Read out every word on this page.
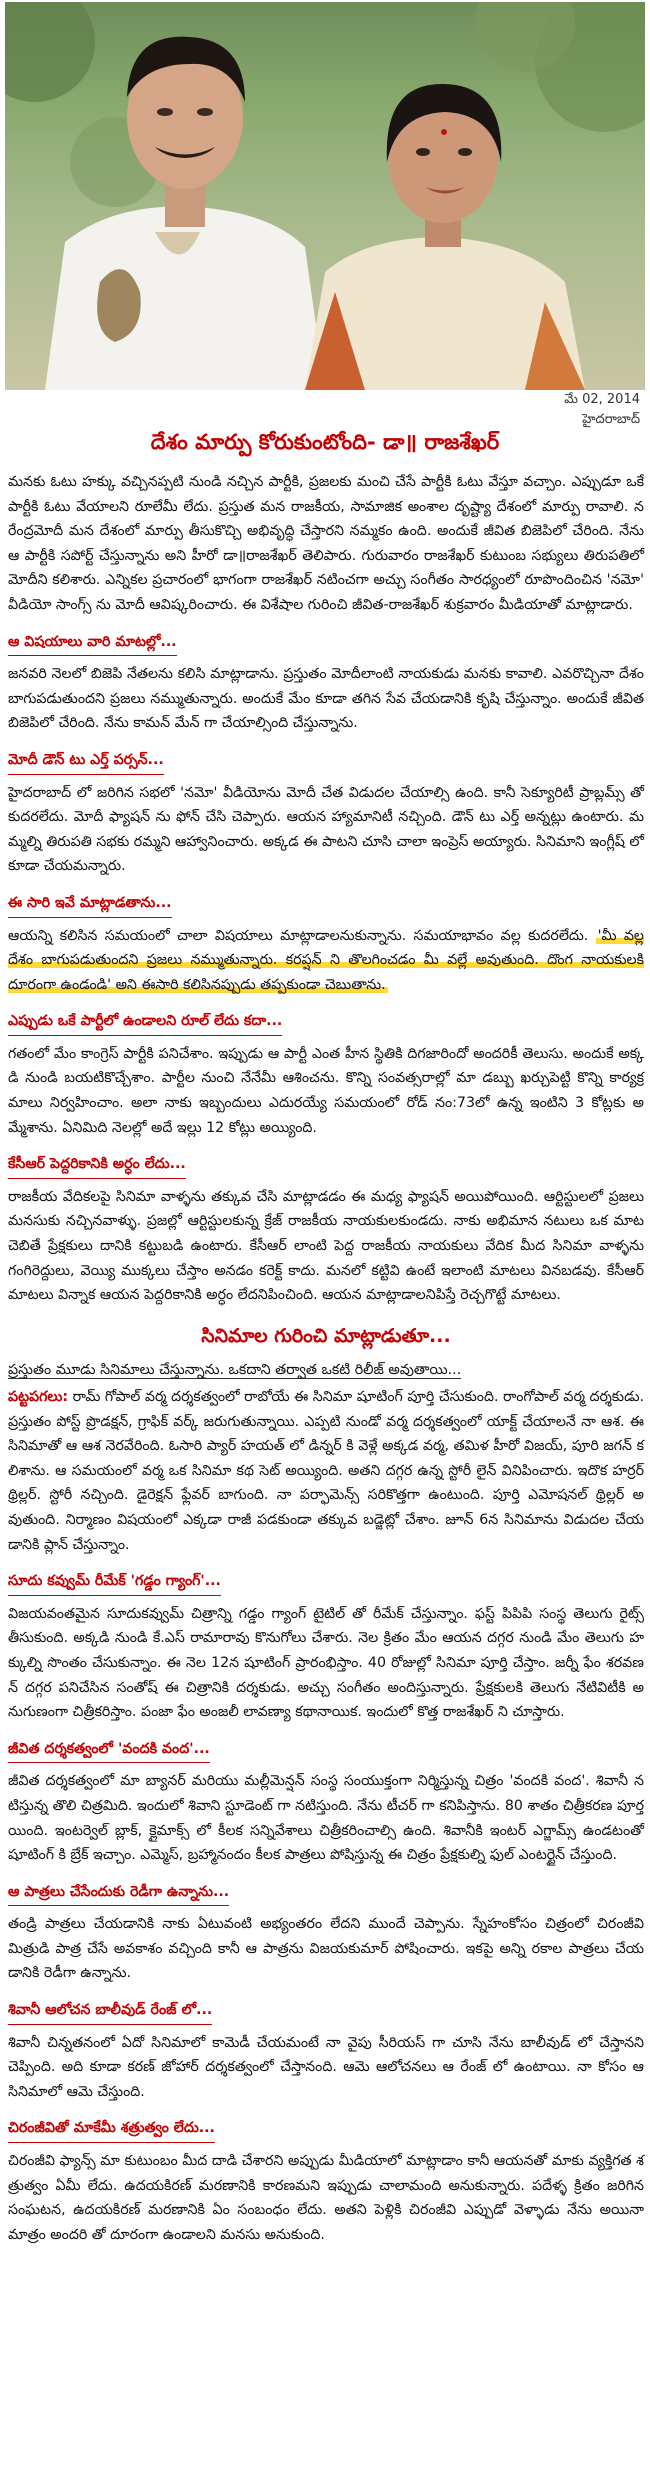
మే 02, 2014
హైదరాబాద్
దేశం మార్పు కోరుకుంటోంది- డా॥ రాజశేఖర్

మనకు ఓటు హక్కు వచ్చినప్పటి నుండి నచ్చిన పార్టీకి, ప్రజలకు మంచి చేసే పార్టీకి ఓటు వేస్తూ వచ్చాం. ఎప్పుడూ ఒకే పార్టీకి ఓటు వేయాలని రూలేమీ లేదు. ప్రస్తుత మన రాజకీయ, సామాజిక అంశాల దృష్ట్యా దేశంలో మార్పు రావాలి. నరేంద్రమోదీ మన దేశంలో మార్పు తీసుకొచ్చి అభివృద్ధి చేస్తారని నమ్మకం ఉంది. అందుకే జీవిత బిజెపిలో చేరింది. నేను ఆ పార్టీకి సపోర్ట్ చేస్తున్నాను అని హీరో డా॥రాజశేఖర్ తెలిపారు. గురువారం రాజశేఖర్ కుటుంబ సభ్యులు తిరుపతిలో మోదీని కలిశారు. ఎన్నికల ప్రచారంలో భాగంగా రాజశేఖర్ నటించగా అచ్చు సంగీతం సారధ్యంలో రూపొందించిన 'నమో' వీడియో సాంగ్స్ ను మోదీ ఆవిష్కరించారు. ఈ విశేషాల గురించి జీవిత-రాజశేఖర్ శుక్రవారం మీడియాతో మాట్లాడారు.

ఆ విషయాలు వారి మాటల్లో...

జనవరి నెలలో బిజెపి నేతలను కలిసి మాట్లాడాను. ప్రస్తుతం మోదీలాంటి నాయకుడు మనకు కావాలి. ఎవరొచ్చినా దేశం బాగుపడుతుందని ప్రజలు నమ్ముతున్నారు. అందుకే మేం కూడా తగిన సేవ చేయడానికి కృషి చేస్తున్నాం. అందుకే జీవిత బిజెపిలో చేరింది. నేను కామన్ మేన్ గా చేయాల్సింది చేస్తున్నాను.

మోదీ డౌన్ టు ఎర్త్ పర్సన్...

హైదరాబాద్ లో జరిగిన సభలో 'నమో' వీడియోను మోదీ చేత విడుదల చేయాల్సి ఉంది. కానీ సెక్యూరిటీ ప్రాబ్లమ్స్ తో కుదరలేదు. మోదీ ఫ్యాషన్ ను ఫోన్ చేసి చెప్పారు. ఆయన హ్యామానిటీ నచ్చింది. డౌన్ టు ఎర్త్ అన్నట్లు ఉంటారు. మమ్మల్ని తిరుపతి సభకు రమ్మని ఆహ్వానించారు. అక్కడ ఈ పాటని చూసి చాలా ఇంప్రెస్ అయ్యారు. సినిమాని ఇంగ్లీష్ లో కూడా చేయమన్నారు.

ఈ సారి ఇవే మాట్లాడతాను...

ఆయన్ని కలిసిన సమయంలో చాలా విషయాలు మాట్లాడాలనుకున్నాను. సమయాభావం వల్ల కుదరలేదు. 'మీ వల్ల దేశం బాగుపడుతుందని ప్రజలు నమ్ముతున్నారు. కరప్షన్ ని తొలగించడం మీ వల్లే అవుతుంది. దొంగ నాయకులకి దూరంగా ఉండండి' అని ఈసారి కలిసినప్పుడు తప్పకుండా చెబుతాను.

ఎప్పుడు ఒకే పార్టీలో ఉండాలని రూల్ లేదు కదా...

గతంలో మేం కాంగ్రెస్ పార్టీకి పనిచేశాం. ఇప్పుడు ఆ పార్టీ ఎంత హీన స్థితికి దిగజారిందో అందరికీ తెలుసు. అందుకే అక్కడి నుండి బయటికొచ్చేశాం. పార్టీల నుంచి నేనేమీ ఆశించను. కొన్ని సంవత్సరాల్లో మా డబ్బు ఖర్చుపెట్టి కొన్ని కార్యక్రమాలు నిర్వహించాం. అలా నాకు ఇబ్బందులు ఎదురయ్యే సమయంలో రోడ్ నం:73లో ఉన్న ఇంటిని 3 కోట్లకు అమ్మేశాను. ఏనిమిది నెలల్లో అదే ఇల్లు 12 కోట్లు అయ్యింది.

కేసీఆర్ పెద్దరికానికి అర్ధం లేదు...

రాజకీయ వేదికలపై సినిమా వాళ్ళను తక్కువ చేసి మాట్లాడడం ఈ మధ్య ఫ్యాషన్ అయిపోయింది. ఆర్టిస్టులలో ప్రజలు మనసుకు నచ్చినవాళ్ళు. ప్రజల్లో ఆర్టిస్టులకున్న క్రేజ్ రాజకీయ నాయకులకుండదు. నాకు అభిమాన నటులు ఒక మాట చెబితే ప్రేక్షకులు దానికి కట్టుబడి ఉంటారు. కేసీఆర్ లాంటి పెద్ద రాజకీయ నాయకులు వేదిక మీద సినిమా వాళ్ళను గంగిరెద్దులు, వెయ్యి ముక్కలు చేస్తాం అనడం కరెక్ట్ కాదు. మనలో కట్టివి ఉంటే ఇలాంటి మాటలు వినబడవు. కేసీఆర్ మాటలు విన్నాక ఆయన పెద్దరికానికి అర్ధం లేదనిపించింది. ఆయన మాట్లాడాలనిపిస్తే రెచ్చగొట్టే మాటలు.

సినిమాల గురించి మాట్లాడుతూ...

ప్రస్తుతం మూడు సినిమాలు చేస్తున్నాను. ఒకదాని తర్వాత ఒకటి రిలీజ్ అవుతాయి...

పట్టపగలు: రామ్ గోపాల్ వర్మ దర్శకత్వంలో రాబోయే ఈ సినిమా షూటింగ్ పూర్తి చేసుకుంది. రాంగోపాల్ వర్మ దర్శకుడు. ప్రస్తుతం పోస్ట్ ప్రొడక్షన్, గ్రాఫిక్ వర్క్ జరుగుతున్నాయి. ఎప్పటి నుండో వర్మ దర్శకత్వంలో యాక్ట్ చేయాలనే నా ఆశ. ఈ సినిమాతో ఆ ఆశ నెరవేరింది. ఓసారి ప్యార్ హయత్ లో డిన్నర్ కి వెళ్లే అక్కడ వర్మ, తమిళ హీరో విజయ్, పూరి జగన్ కలిశాను. ఆ సమయంలో వర్మ ఒక సినిమా కథ సెట్ అయ్యింది. అతని దగ్గర ఉన్న స్టోరీ లైన్ వినిపించారు. ఇదొక హర్రర్ థ్రిల్లర్. స్టోరీ నచ్చింది. డైరెక్షన్ ఫ్లేవర్ బాగుంది. నా పర్ఫామెన్స్ సరికొత్తగా ఉంటుంది. పూర్తి ఎమోషనల్ థ్రిల్లర్ అవుతుంది. నిర్మాణం విషయంలో ఎక్కడా రాజీ పడకుండా తక్కువ బడ్జెట్లో చేశాం. జూన్ 6న సినిమాను విడుదల చేయడానికి ప్లాన్ చేస్తున్నాం.

సూదు కవ్వుమ్ రీమేక్ 'గడ్డం గ్యాంగ్'...

విజయవంతమైన సూదుకవ్వుమ్ చిత్రాన్ని గడ్డం గ్యాంగ్ టైటిల్ తో రీమేక్ చేస్తున్నాం. ఫస్ట్ పిపిపి సంస్థ తెలుగు రైట్స్ తీసుకుంది. అక్కడి నుండి కే.ఎస్ రామారావు కొనుగోలు చేశారు. నెల క్రితం మేం ఆయన దగ్గర నుండి మేం తెలుగు హక్కుల్ని సొంతం చేసుకున్నాం. ఈ నెల 12న షూటింగ్ ప్రారంభిస్తాం. 40 రోజుల్లో సినిమా పూర్తి చేస్తాం. జర్నీ ఫేం శరవణన్ దగ్గర పనిచేసిన సంతోష్ ఈ చిత్రానికి దర్శకుడు. అచ్చు సంగీతం అందిస్తున్నారు. ప్రేక్షకులకి తెలుగు నేటివిటీకి అనుగుణంగా చిత్రీకరిస్తాం. పంజా ఫేం అంజలీ లావణ్యా కథానాయిక. ఇందులో కొత్త రాజశేఖర్ ని చూస్తారు.

జీవిత దర్శకత్వంలో 'వందకి వంద'...

జీవిత దర్శకత్వంలో మా బ్యానర్ మరియు మల్లీమెన్షన్ సంస్థ సంయుక్తంగా నిర్మిస్తున్న చిత్రం 'వందకి వంద'. శివానీ నటిస్తున్న తొలి చిత్రమిది. ఇందులో శివాని స్టూడెంట్ గా నటిస్తుంది. నేను టీచర్ గా కనిపిస్తాను. 80 శాతం చిత్రీకరణ పూర్తయింది. ఇంటర్వెల్ బ్లాక్, క్లైమాక్స్ లో కీలక సన్నివేశాలు చిత్రీకరించాల్సి ఉంది. శివానీకి ఇంటర్ ఎగ్జామ్స్ ఉండటంతో షూటింగ్ కి బ్రేక్ ఇచ్చాం. ఎమ్మెస్, బ్రహ్మానందం కీలక పాత్రలు పోషిస్తున్న ఈ చిత్రం ప్రేక్షకుల్ని ఫుల్ ఎంటర్టైన్ చేస్తుంది.

ఆ పాత్రలు చేసేందుకు రెడీగా ఉన్నాను...

తండ్రి పాత్రలు చేయడానికి నాకు ఏటువంటి అభ్యంతరం లేదని ముందే చెప్పాను. స్నేహంకోసం చిత్రంలో చిరంజీవి మిత్రుడి పాత్ర చేసే అవకాశం వచ్చింది కానీ ఆ పాత్రను విజయకుమార్ పోషించారు. ఇకపై అన్ని రకాల పాత్రలు చేయడానికి రెడీగా ఉన్నాను.

శివానీ ఆలోచన బాలీవుడ్ రేంజ్ లో...

శివానీ చిన్నతనంలో ఏదో సినిమాలో కామెడీ చేయమంటే నా వైపు సీరియస్ గా చూసి నేను బాలీవుడ్ లో చేస్తానని చెప్పింది. అది కూడా కరణ్ జోహార్ దర్శకత్వంలో చేస్తానంది. ఆమె ఆలోచనలు ఆ రేంజ్ లో ఉంటాయి. నా కోసం ఆ సినిమాలో ఆమె చేస్తుంది.

చిరంజీవితో మాకేమీ శత్రుత్వం లేదు...

చిరంజీవి ఫ్యాన్స్ మా కుటుంబం మీద దాడి చేశారని అప్పుడు మీడియాలో మాట్లాడాం కానీ ఆయనతో మాకు వ్యక్తిగత శత్రుత్వం ఏమీ లేదు. ఉదయకిరణ్ మరణానికి కారణమని ఇప్పుడు చాలామంది అనుకున్నారు. పదేళ్ళ క్రితం జరిగిన సంఘటన, ఉదయకిరణ్ మరణానికి ఏం సంబంధం లేదు. అతని పెళ్లికి చిరంజీవి ఎప్పుడో వెళ్ళాడు నేను అయినా మాత్రం అందరి తో దూరంగా ఉండాలని మనసు అనుకుంది.
